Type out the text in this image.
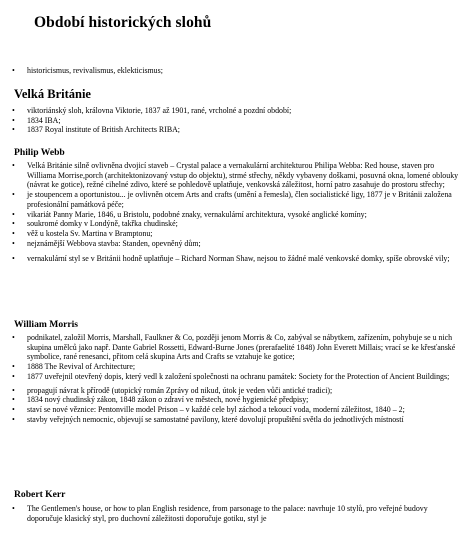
Období historických slohů
• historicismus, revivalismus, eklekticismus;
Velká Británie
• viktoriánský sloh, královna Viktorie, 1837 až 1901, rané, vrcholné a pozdní období;
• 1834 IBA;
• 1837 Royal institute of British Architects RIBA;
Philip Webb
• Velká Británie silně ovlivněna dvojicí staveb – Crystal palace a vernakulární architekturou Philipa Webba: Red house, staven pro Williama Morrise,porch (architektonizovaný vstup do objektu), strmé střechy, někdy vybaveny doškami, posuvná okna, lomené oblouky (návrat ke gotice), režné cihelné zdivo, které se pohledově uplatňuje, venkovská záležitost, horní patro zasahuje do prostoru střechy;
• je stoupencem a oportunistou... je ovlivněn otcem Arts and crafts (umění a řemesla), člen socialistické ligy, 1877 je v Británii založena profesionální památková péče;
• vikariát Panny Marie, 1846, u Bristolu, podobné znaky, vernakulární architektura, vysoké anglické komíny;
• soukromé domky v Londýně, takřka chudinské;
• věž u kostela Sv. Martina v Bramptonu;
• nejznámější Webbova stavba: Standen, opevněný dům;
• vernakulární styl se v Británii hodně uplatňuje – Richard Norman Shaw, nejsou to žádné malé venkovské domky, spíše obrovské vily;
William Morris
• podnikatel, založil Morris, Marshall, Faulkner & Co, později jenom Morris & Co, zabýval se nábytkem, zařízením, pohybuje se u nich skupina umělců jako např. Dante Gabriel Rossetti, Edward-Burne Jones (prerafaelité 1848) John Everett Millais; vrací se ke křesťanské symbolice, rané renesanci, přitom celá skupina Arts and Crafts se vztahuje ke gotice;
• 1888 The Revival of Architecture;
• 1877 uveřejnil otevřený dopis, který vedl k založení společnosti na ochranu památek: Society for the Protection of Ancient Buildings;
• propagují návrat k přírodě (utopický román Zprávy od nikud, útok je veden vůči antické tradici);
• 1834 nový chudinský zákon, 1848 zákon o zdraví ve městech, nové hygienické předpisy;
• staví se nové věznice: Pentonville model Prison – v každé cele byl záchod a tekoucí voda, moderní záležitost, 1840 – 2;
• stavby veřejných nemocnic, objevují se samostatné pavilony, které dovolují propuštění světla do jednotlivých místností
Robert Kerr
• The Gentlemen's house, or how to plan English residence, from parsonage to the palace: navrhuje 10 stylů, pro veřejné budovy doporučuje klasický styl, pro duchovní záležitosti doporučuje gotiku, styl je
